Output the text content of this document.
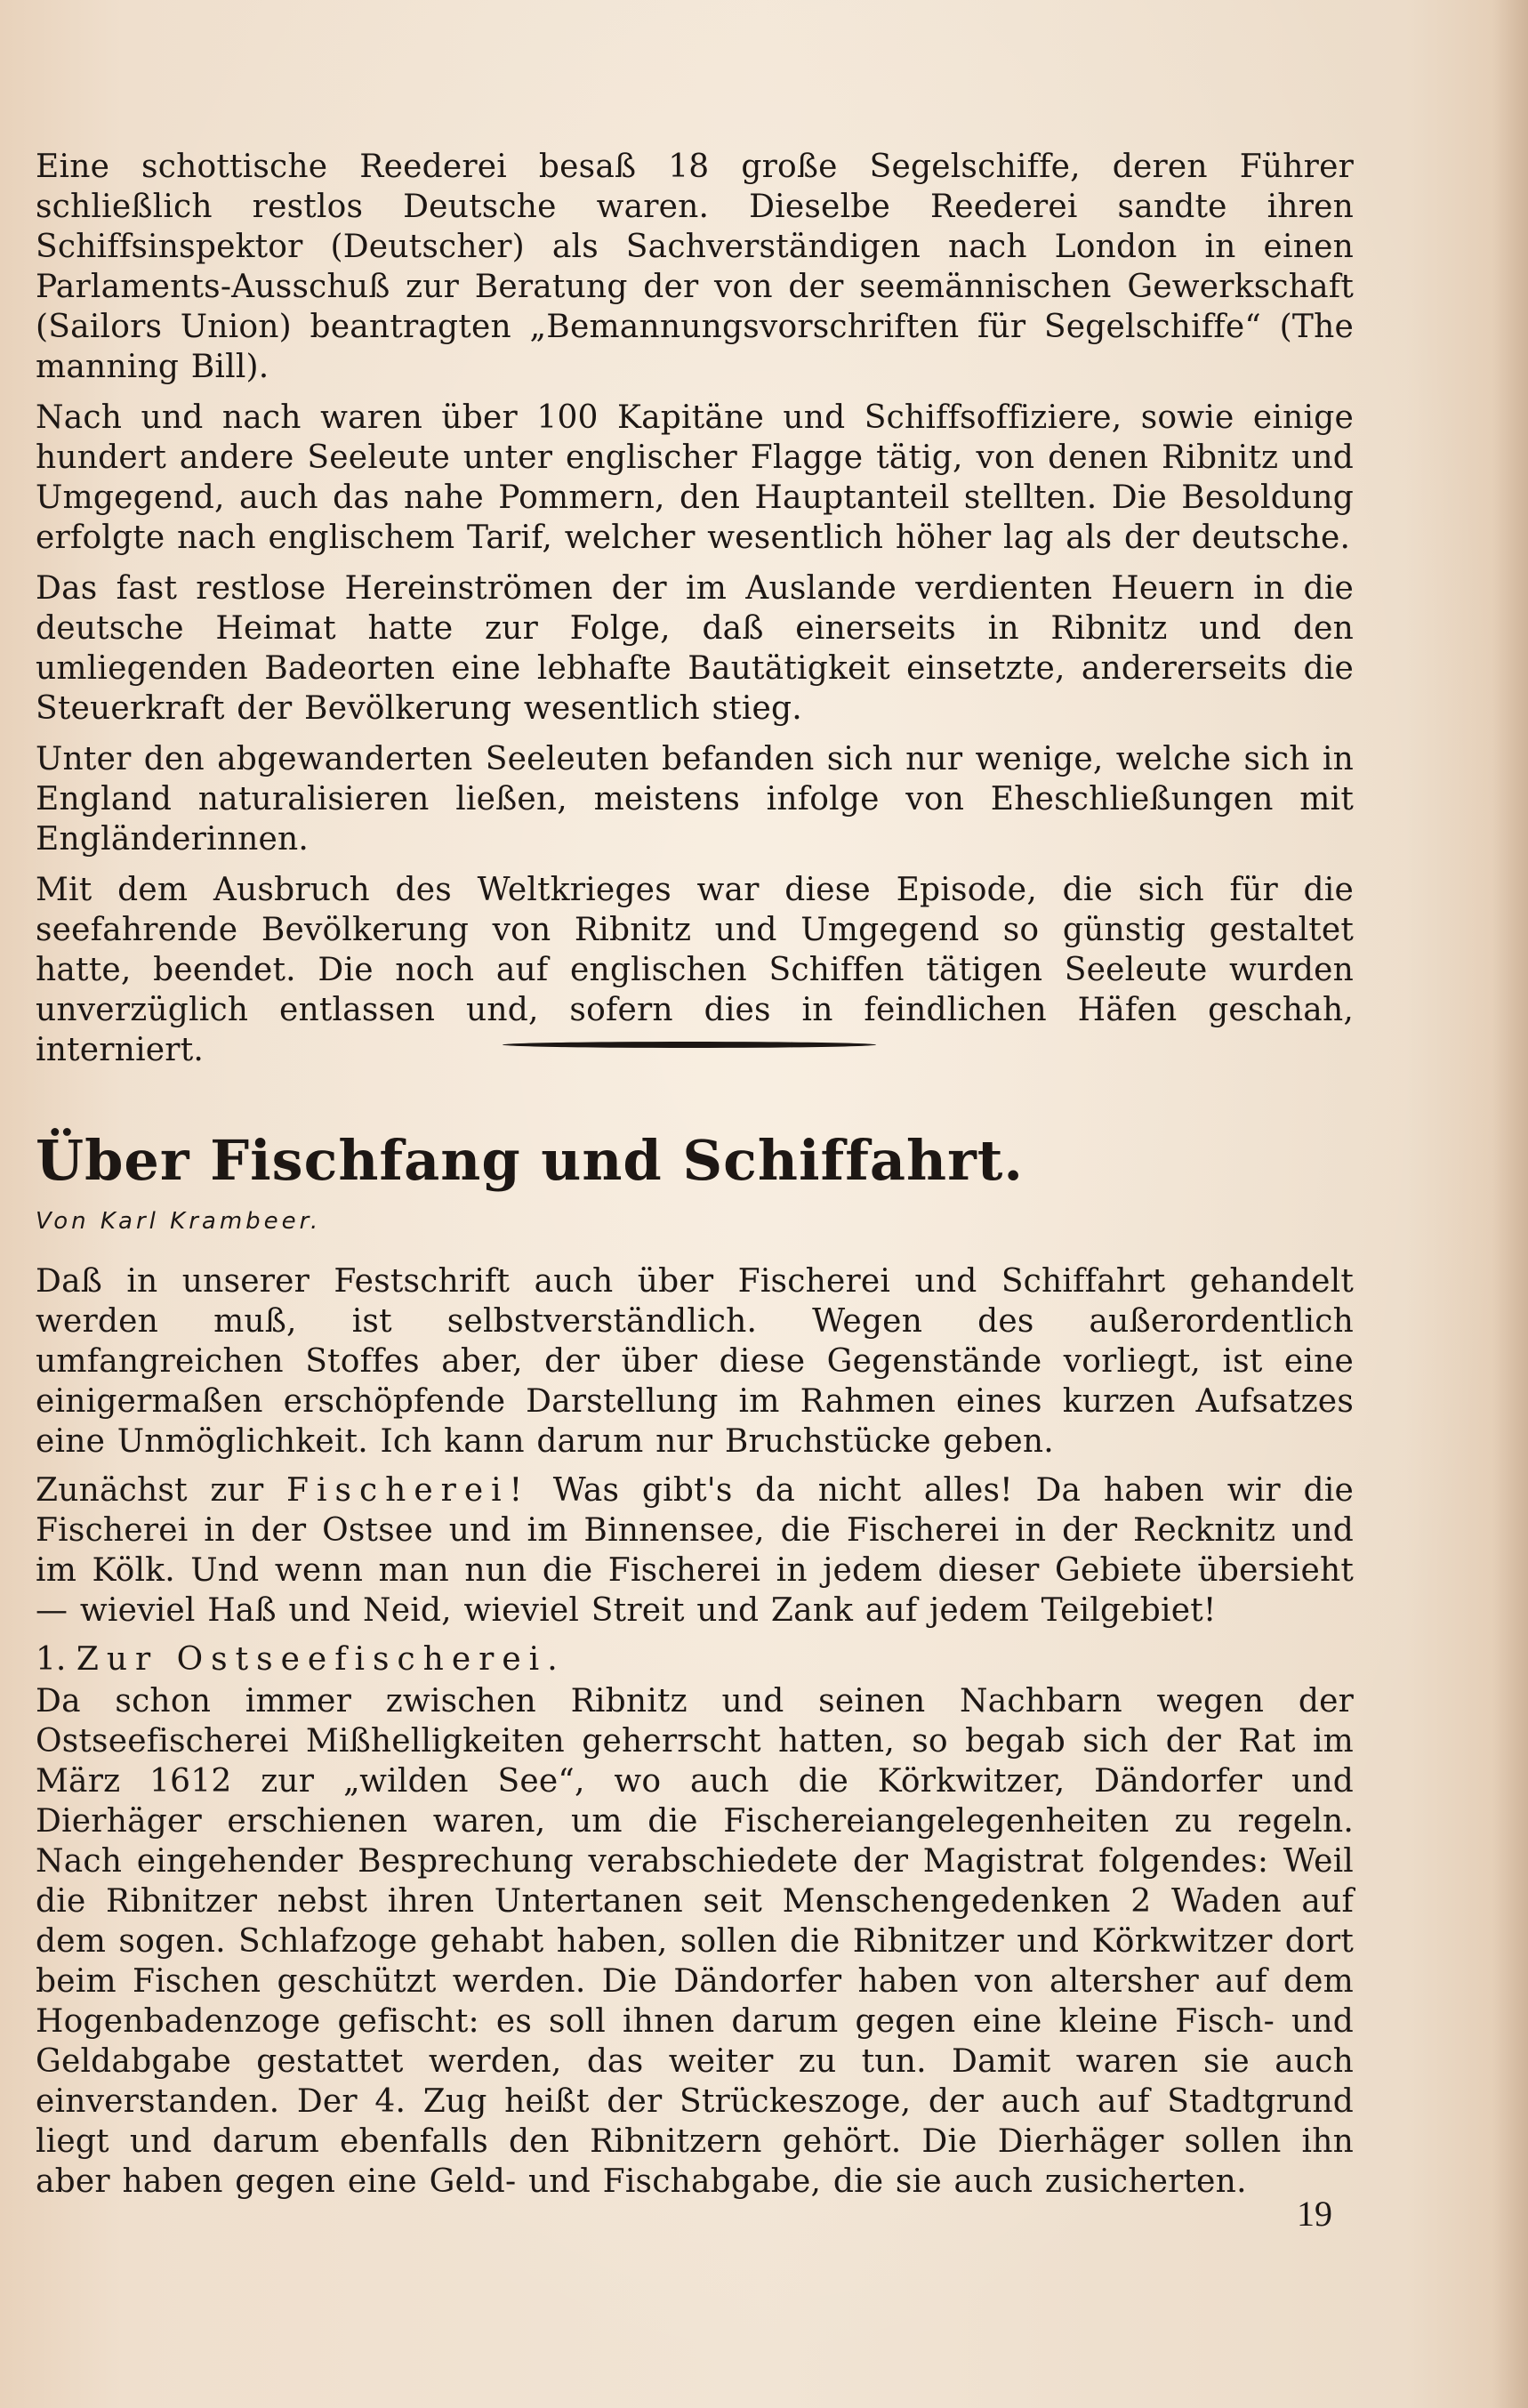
Eine schottische Reederei besaß 18 große Segelschiffe, deren Führer schließlich restlos Deutsche waren. Dieselbe Reederei sandte ihren Schiffsinspektor (Deutscher) als Sachverständigen nach London in einen Parlaments-Ausschuß zur Beratung der von der seemännischen Gewerkschaft (Sailors Union) beantragten „Bemannungsvorschriften für Segelschiffe“ (The manning Bill).

Nach und nach waren über 100 Kapitäne und Schiffsoffiziere, sowie einige hundert andere Seeleute unter englischer Flagge tätig, von denen Ribnitz und Umgegend, auch das nahe Pommern, den Hauptanteil stellten. Die Besoldung erfolgte nach englischem Tarif, welcher wesentlich höher lag als der deutsche.

Das fast restlose Hereinströmen der im Auslande verdienten Heuern in die deutsche Heimat hatte zur Folge, daß einerseits in Ribnitz und den umliegenden Badeorten eine lebhafte Bautätigkeit einsetzte, andererseits die Steuerkraft der Bevölkerung wesentlich stieg.

Unter den abgewanderten Seeleuten befanden sich nur wenige, welche sich in England naturalisieren ließen, meistens infolge von Eheschließungen mit Engländerinnen.

Mit dem Ausbruch des Weltkrieges war diese Episode, die sich für die seefahrende Bevölkerung von Ribnitz und Umgegend so günstig gestaltet hatte, beendet. Die noch auf englischen Schiffen tätigen Seeleute wurden unverzüglich entlassen und, sofern dies in feindlichen Häfen geschah, interniert.

Über Fischfang und Schiffahrt.

Von Karl Krambeer.

Daß in unserer Festschrift auch über Fischerei und Schiffahrt gehandelt werden muß, ist selbstverständlich. Wegen des außerordentlich umfangreichen Stoffes aber, der über diese Gegenstände vorliegt, ist eine einigermaßen erschöpfende Darstellung im Rahmen eines kurzen Aufsatzes eine Unmöglichkeit. Ich kann darum nur Bruchstücke geben.

Zunächst zur Fischerei! Was gibt's da nicht alles! Da haben wir die Fischerei in der Ostsee und im Binnensee, die Fischerei in der Recknitz und im Kölk. Und wenn man nun die Fischerei in jedem dieser Gebiete übersieht — wieviel Haß und Neid, wieviel Streit und Zank auf jedem Teilgebiet!

1. Zur Ostseefischerei.

Da schon immer zwischen Ribnitz und seinen Nachbarn wegen der Ostseefischerei Mißhelligkeiten geherrscht hatten, so begab sich der Rat im März 1612 zur „wilden See“, wo auch die Körkwitzer, Dändorfer und Dierhäger erschienen waren, um die Fischereiangelegenheiten zu regeln. Nach eingehender Besprechung verabschiedete der Magistrat folgendes: Weil die Ribnitzer nebst ihren Untertanen seit Menschengedenken 2 Waden auf dem sogen. Schlafzoge gehabt haben, sollen die Ribnitzer und Körkwitzer dort beim Fischen geschützt werden. Die Dändorfer haben von altersher auf dem Hogenbadenzoge gefischt: es soll ihnen darum gegen eine kleine Fisch- und Geldabgabe gestattet werden, das weiter zu tun. Damit waren sie auch einverstanden. Der 4. Zug heißt der Strückeszoge, der auch auf Stadtgrund liegt und darum ebenfalls den Ribnitzern gehört. Die Dierhäger sollen ihn aber haben gegen eine Geld- und Fischabgabe, die sie auch zusicherten.

19
